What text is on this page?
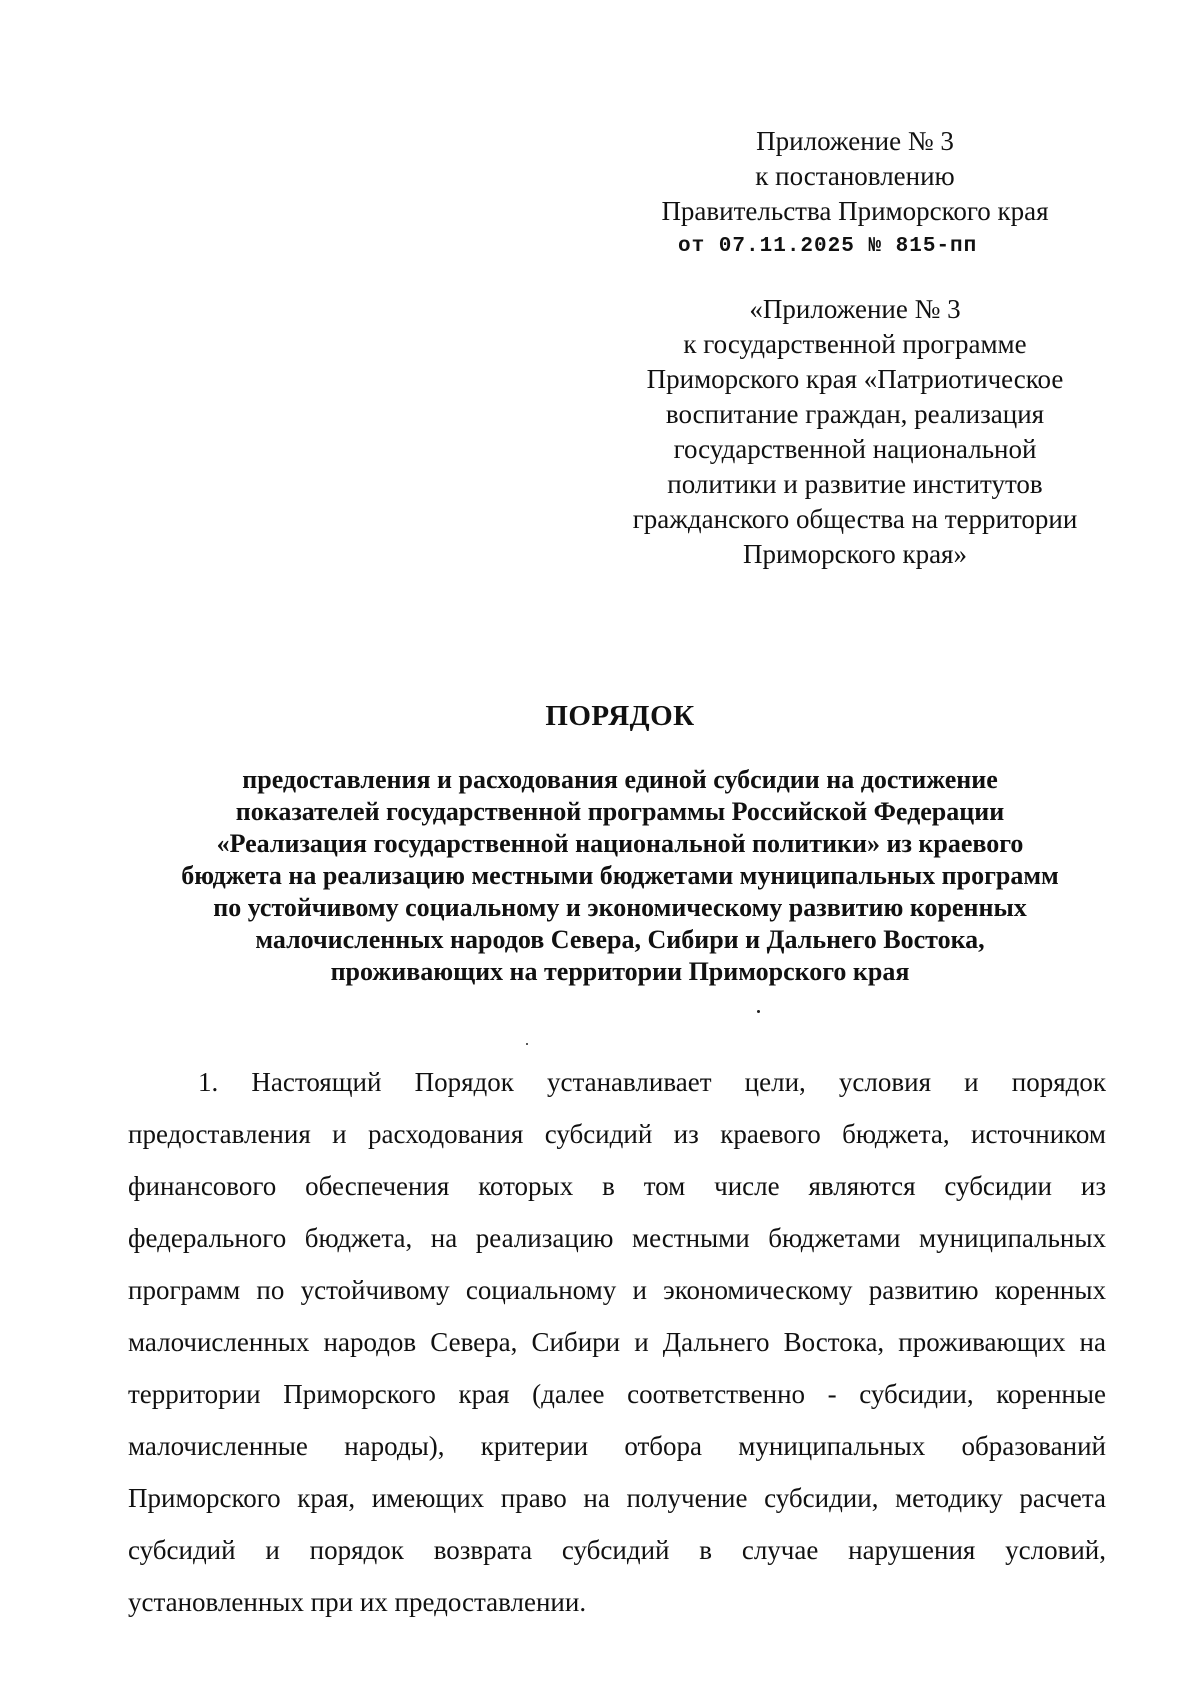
Приложение № 3
к постановлению
Правительства Приморского края
от 07.11.2025 № 815-пп
«Приложение № 3
к государственной программе
Приморского края «Патриотическое
воспитание граждан, реализация
государственной национальной
политики и развитие институтов
гражданского общества на территории
Приморского края»
ПОРЯДОК
предоставления и расходования единой субсидии на достижение
показателей государственной программы Российской Федерации
«Реализация государственной национальной политики» из краевого
бюджета на реализацию местными бюджетами муниципальных программ
по устойчивому социальному и экономическому развитию коренных
малочисленных народов Севера, Сибири и Дальнего Востока,
проживающих на территории Приморского края
1. Настоящий Порядок устанавливает цели, условия и порядок
предоставления и расходования субсидий из краевого бюджета, источником
финансового обеспечения которых в том числе являются субсидии из
федерального бюджета, на реализацию местными бюджетами муниципальных
программ по устойчивому социальному и экономическому развитию коренных
малочисленных народов Севера, Сибири и Дальнего Востока, проживающих на
территории Приморского края (далее соответственно - субсидии, коренные
малочисленные народы), критерии отбора муниципальных образований
Приморского края, имеющих право на получение субсидии, методику расчета
субсидий и порядок возврата субсидий в случае нарушения условий,
установленных при их предоставлении.
